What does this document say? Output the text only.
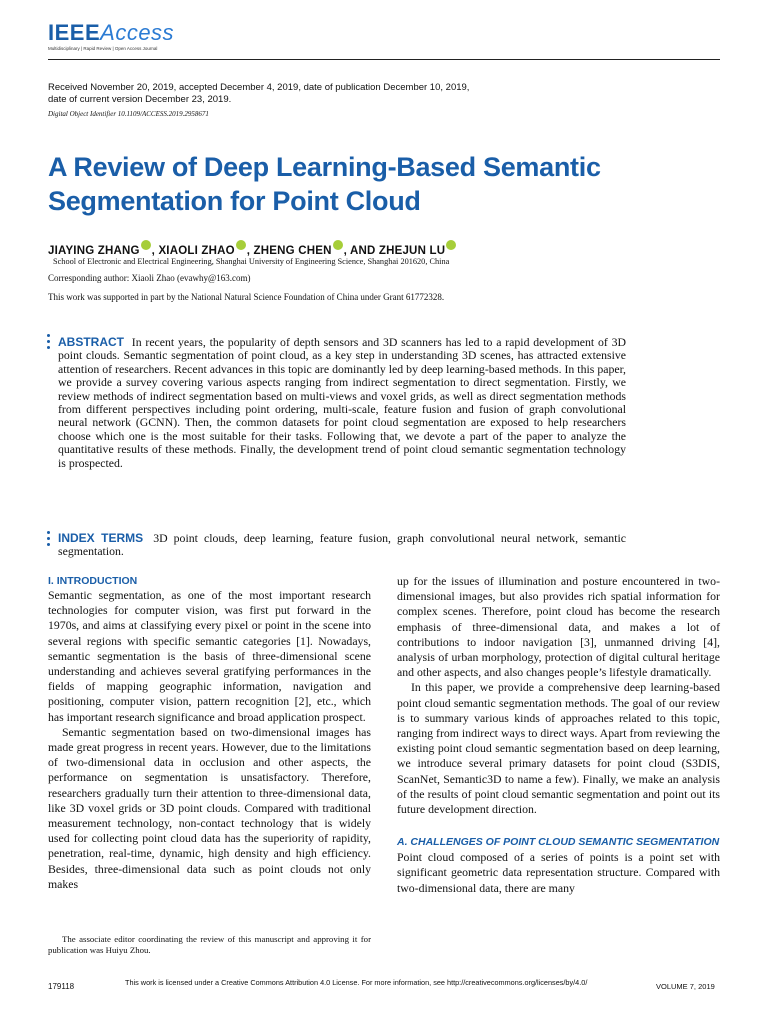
IEEEAccess
Multidisciplinary | Rapid Review | Open Access Journal
Received November 20, 2019, accepted December 4, 2019, date of publication December 10, 2019,
date of current version December 23, 2019.
Digital Object Identifier 10.1109/ACCESS.2019.2958671
A Review of Deep Learning-Based Semantic Segmentation for Point Cloud
JIAYING ZHANG , XIAOLI ZHAO , ZHENG CHEN , AND ZHEJUN LU
School of Electronic and Electrical Engineering, Shanghai University of Engineering Science, Shanghai 201620, China
Corresponding author: Xiaoli Zhao (evawhy@163.com)
This work was supported in part by the National Natural Science Foundation of China under Grant 61772328.
ABSTRACT In recent years, the popularity of depth sensors and 3D scanners has led to a rapid development of 3D point clouds. Semantic segmentation of point cloud, as a key step in understanding 3D scenes, has attracted extensive attention of researchers. Recent advances in this topic are dominantly led by deep learning-based methods. In this paper, we provide a survey covering various aspects ranging from indirect segmentation to direct segmentation. Firstly, we review methods of indirect segmentation based on multi-views and voxel grids, as well as direct segmentation methods from different perspectives including point ordering, multi-scale, feature fusion and fusion of graph convolutional neural network (GCNN). Then, the common datasets for point cloud segmentation are exposed to help researchers choose which one is the most suitable for their tasks. Following that, we devote a part of the paper to analyze the quantitative results of these methods. Finally, the development trend of point cloud semantic segmentation technology is prospected.
INDEX TERMS 3D point clouds, deep learning, feature fusion, graph convolutional neural network, semantic segmentation.
I. INTRODUCTION

Semantic segmentation, as one of the most important research technologies for computer vision, was first put forward in the 1970s, and aims at classifying every pixel or point in the scene into several regions with specific semantic categories [1]. Nowadays, semantic segmentation is the basis of three-dimensional scene understanding and achieves several gratifying performances in the fields of mapping geographic information, navigation and positioning, computer vision, pattern recognition [2], etc., which has important research significance and broad application prospect.

Semantic segmentation based on two-dimensional images has made great progress in recent years. However, due to the limitations of two-dimensional data in occlusion and other aspects, the performance on segmentation is unsatisfactory. Therefore, researchers gradually turn their attention to three-dimensional data, like 3D voxel grids or 3D point clouds. Compared with traditional measurement technology, non-contact technology that is widely used for collecting point cloud data has the superiority of rapidity, penetration, real-time, dynamic, high density and high efficiency. Besides, three-dimensional data such as point clouds not only makes

up for the issues of illumination and posture encountered in two-dimensional images, but also provides rich spatial information for complex scenes. Therefore, point cloud has become the research emphasis of three-dimensional data, and makes a lot of contributions to indoor navigation [3], unmanned driving [4], analysis of urban morphology, protection of digital cultural heritage and other aspects, and also changes people’s lifestyle dramatically.

In this paper, we provide a comprehensive deep learning-based point cloud semantic segmentation methods. The goal of our review is to summary various kinds of approaches related to this topic, ranging from indirect ways to direct ways. Apart from reviewing the existing point cloud semantic segmentation based on deep learning, we introduce several primary datasets for point cloud (S3DIS, ScanNet, Semantic3D to name a few). Finally, we make an analysis of the results of point cloud semantic segmentation and point out its future development direction.

A. CHALLENGES OF POINT CLOUD SEMANTIC SEGMENTATION

Point cloud composed of a series of points is a point set with significant geometric data representation structure. Compared with two-dimensional data, there are many

The associate editor coordinating the review of this manuscript and approving it for publication was Huiyu Zhou.
179118	This work is licensed under a Creative Commons Attribution 4.0 License. For more information, see http://creativecommons.org/licenses/by/4.0/	VOLUME 7, 2019
